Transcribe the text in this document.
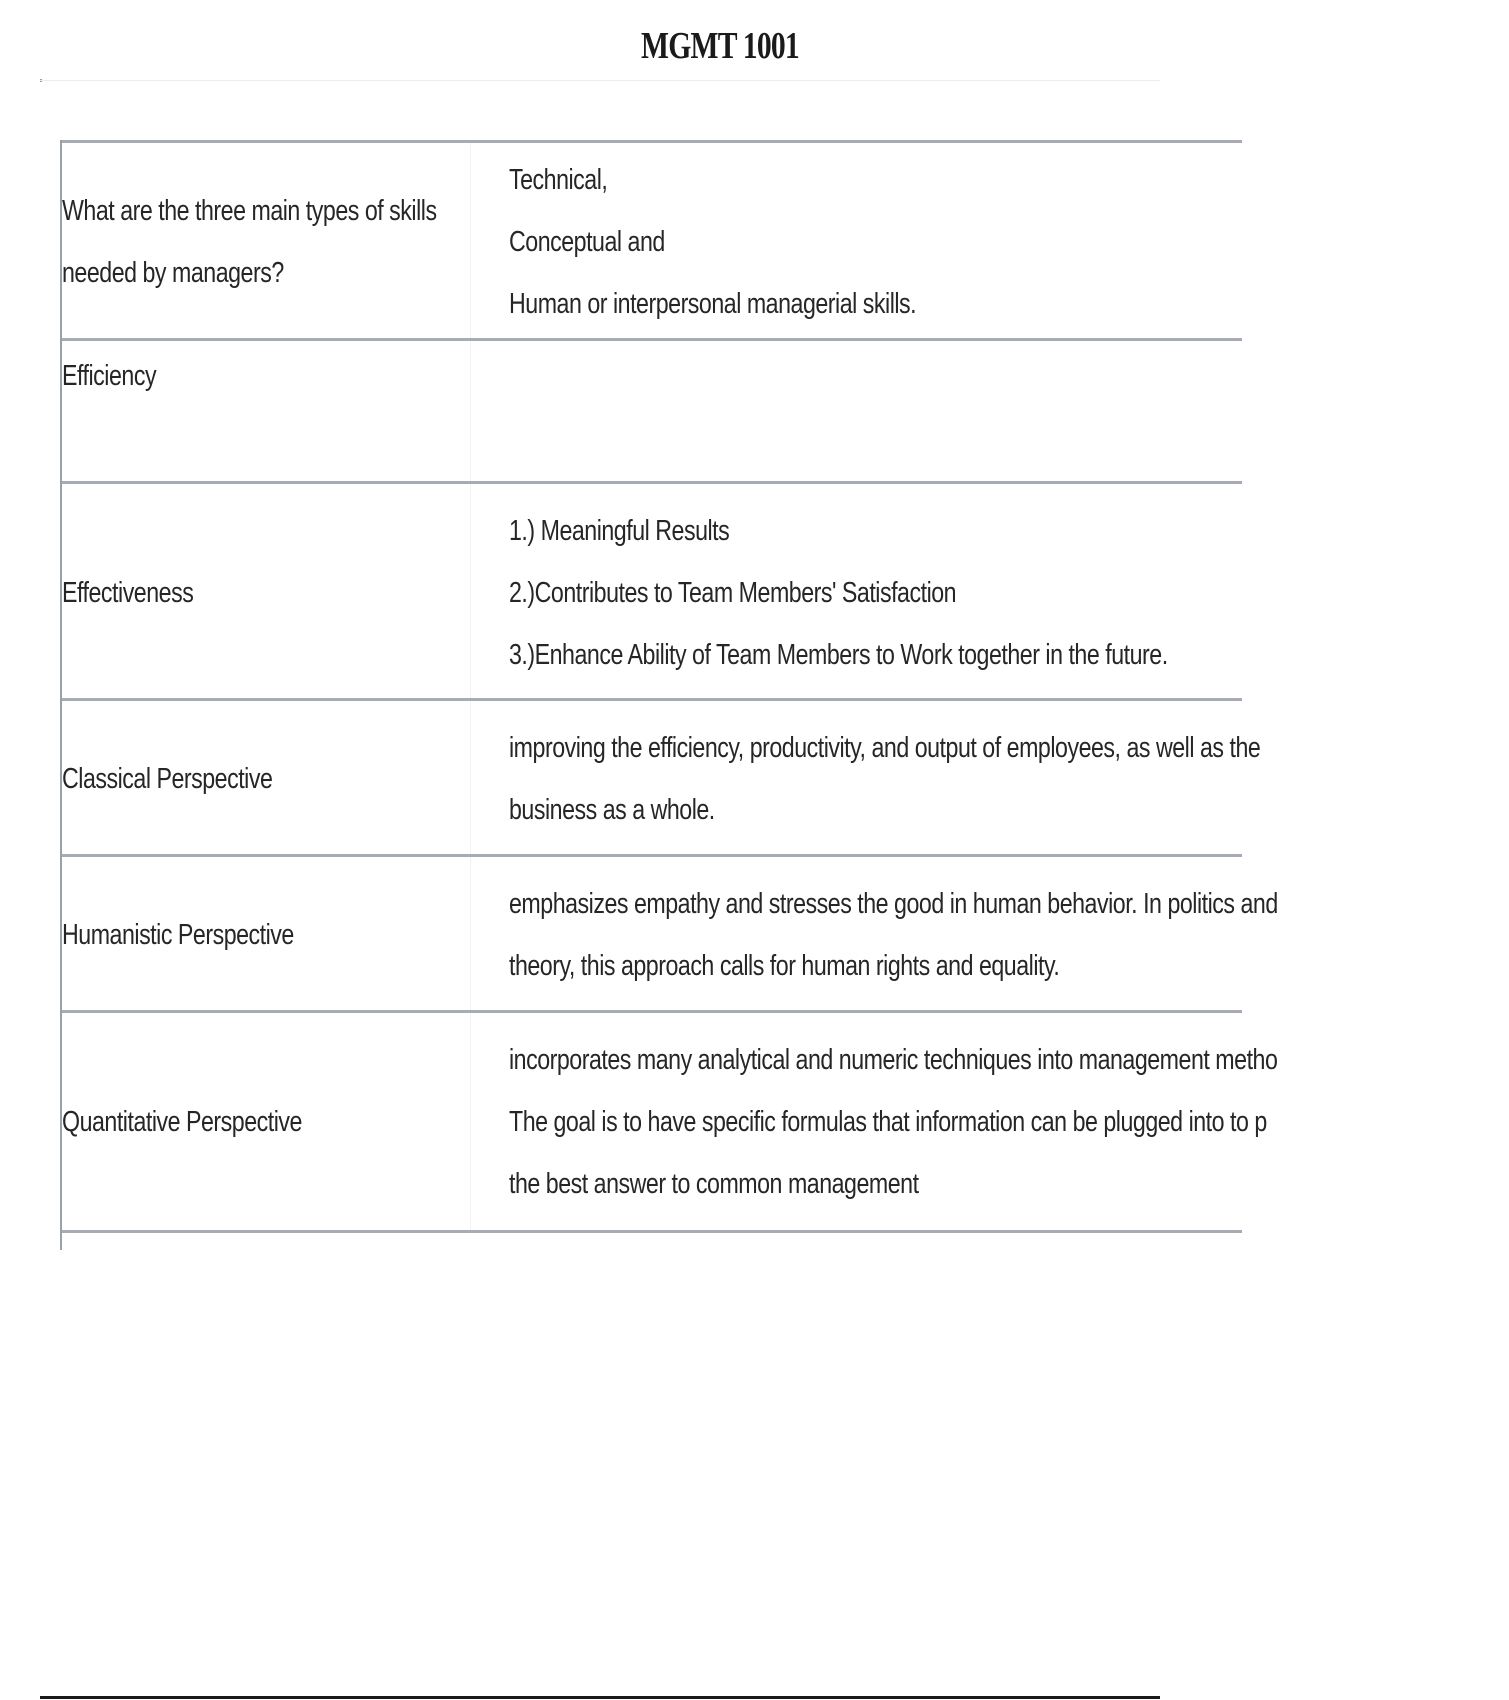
MGMT 1001
What are the three main types of skills
needed by managers?
Technical,
Conceptual and
Human or interpersonal managerial skills.
Efficiency
Effectiveness
1.) Meaningful Results
2.)Contributes to Team Members' Satisfaction
3.)Enhance Ability of Team Members to Work together in the future.
Classical Perspective
improving the efficiency, productivity, and output of employees, as well as the
business as a whole.
Humanistic Perspective
emphasizes empathy and stresses the good in human behavior. In politics and
theory, this approach calls for human rights and equality.
Quantitative Perspective
incorporates many analytical and numeric techniques into management metho
The goal is to have specific formulas that information can be plugged into to p
the best answer to common management
